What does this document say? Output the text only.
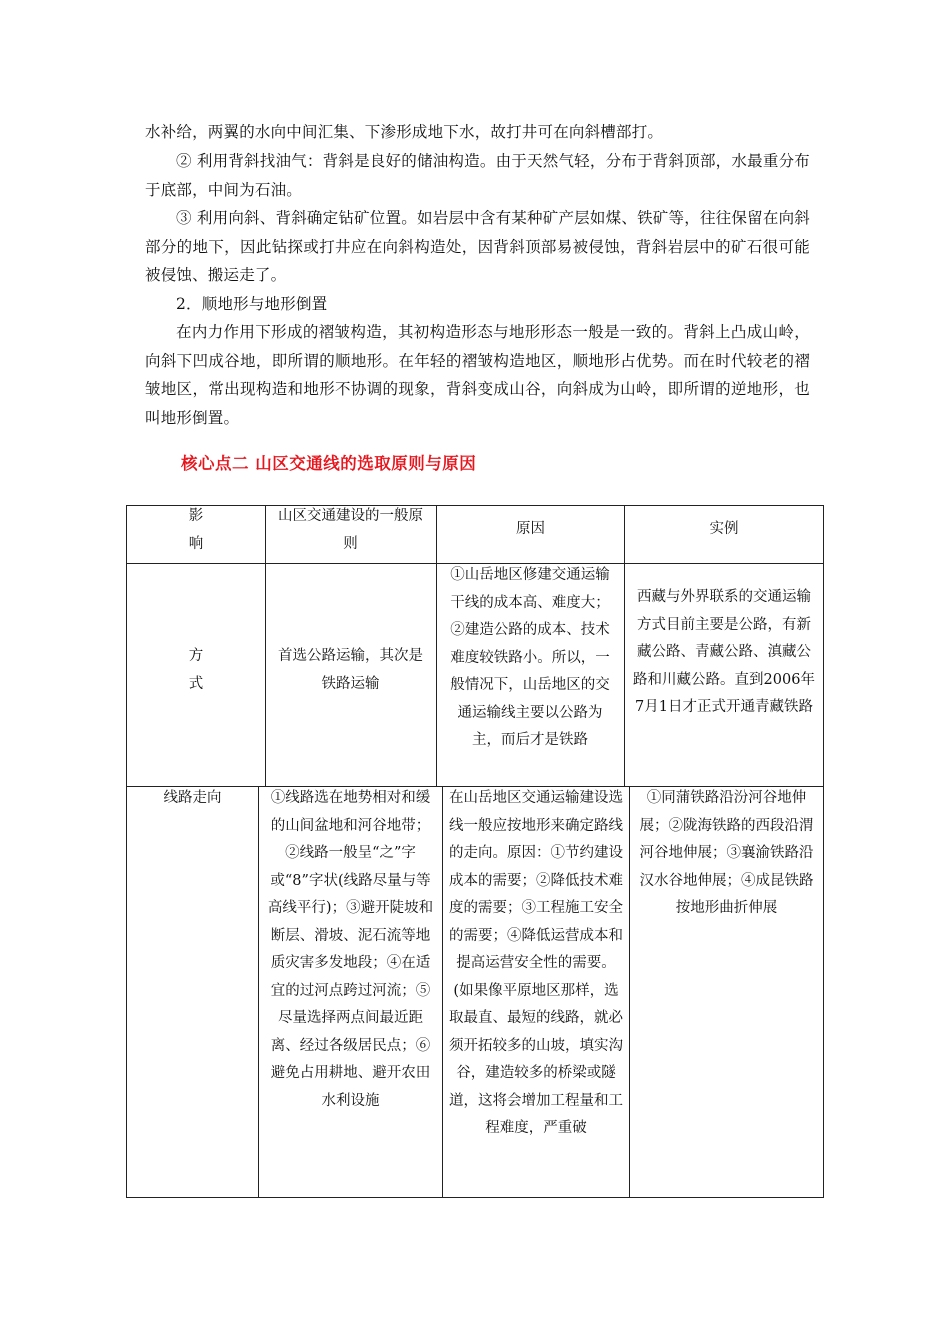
水补给，两翼的水向中间汇集、下渗形成地下水，故打井可在向斜槽部打。

② 利用背斜找油气：背斜是良好的储油构造。由于天然气轻，分布于背斜顶部，水最重分布于底部，中间为石油。

③ 利用向斜、背斜确定钻矿位置。如岩层中含有某种矿产层如煤、铁矿等，往往保留在向斜部分的地下，因此钻探或打井应在向斜构造处，因背斜顶部易被侵蚀，背斜岩层中的矿石很可能被侵蚀、搬运走了。

2．顺地形与地形倒置

在内力作用下形成的褶皱构造，其初构造形态与地形形态一般是一致的。背斜上凸成山岭，向斜下凹成谷地，即所谓的顺地形。在年轻的褶皱构造地区，顺地形占优势。而在时代较老的褶皱地区，常出现构造和地形不协调的现象，背斜变成山谷，向斜成为山岭，即所谓的逆地形，也叫地形倒置。

核心点二 山区交通线的选取原则与原因
影
响
山区交通建设的一般原则
原因	实例
方
式
首选公路运输，其次是铁路运输
①山岳地区修建交通运输干线的成本高、难度大；②建造公路的成本、技术难度较铁路小。所以，一般情况下，山岳地区的交通运输线主要以公路为主，而后才是铁路
西藏与外界联系的交通运输方式目前主要是公路，有新藏公路、青藏公路、滇藏公路和川藏公路。直到2006年7月1日才正式开通青藏铁路
线路走向	①线路选在地势相对和缓的山间盆地和河谷地带；②线路一般呈“之”字或“8”字状(线路尽量与等高线平行)；③避开陡坡和断层、滑坡、泥石流等地质灾害多发地段；④在适宜的过河点跨过河流；⑤尽量选择两点间最近距离、经过各级居民点；⑥避免占用耕地、避开农田水利设施
在山岳地区交通运输建设选线一般应按地形来确定路线的走向。原因：①节约建设成本的需要；②降低技术难度的需要；③工程施工安全的需要；④降低运营成本和提高运营安全性的需要。(如果像平原地区那样，选取最直、最短的线路，就必须开拓较多的山坡，填实沟谷，建造较多的桥梁或隧道，这将会增加工程量和工程难度，严重破
①同蒲铁路沿汾河谷地伸展；②陇海铁路的西段沿渭河谷地伸展；③襄渝铁路沿汉水谷地伸展；④成昆铁路按地形曲折伸展
